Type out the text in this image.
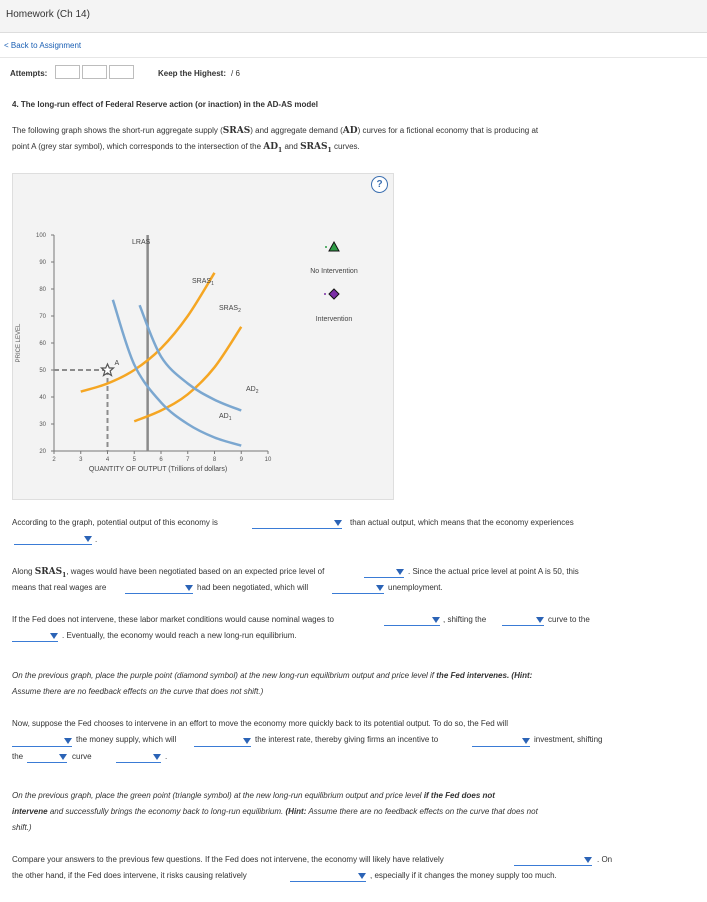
Homework (Ch 14)
< Back to Assignment
Attempts:	Keep the Highest: / 6
4. The long-run effect of Federal Reserve action (or inaction) in the AD-AS model
The following graph shows the short-run aggregate supply (SRAS) and aggregate demand (AD) curves for a fictional economy that is producing at
point A (grey star symbol), which corresponds to the intersection of the $AD_1$ and $SRAS_1$ curves.
?
PRICE LEVEL
QUANTITY OF OUTPUT (Trillions of dollars)
100
90
80
70
60
50
40
30
20
2	3	4	5	6	7	8	9	10
LRAS
$SRAS_1$
$SRAS_2$
$AD_2$
$AD_1$
A
No Intervention
Intervention
According to the graph, potential output of this economy is	than actual output, which means that the economy experiences
.
Along $SRAS_1$, wages would have been negotiated based on an expected price level of	. Since the actual price level at point A is 50, this
means that real wages are	had been negotiated, which will	unemployment.
If the Fed does not intervene, these labor market conditions would cause nominal wages to	, shifting the	curve to the
. Eventually, the economy would reach a new long-run equilibrium.
On the previous graph, place the purple point (diamond symbol) at the new long-run equilibrium output and price level if the Fed intervenes. (Hint:
Assume there are no feedback effects on the curve that does not shift.)
Now, suppose the Fed chooses to intervene in an effort to move the economy more quickly back to its potential output. To do so, the Fed will
the money supply, which will	the interest rate, thereby giving firms an incentive to	investment, shifting
the	curve	.
On the previous graph, place the green point (triangle symbol) at the new long-run equilibrium output and price level if the Fed does not
intervene and successfully brings the economy back to long-run equilibrium. (Hint: Assume there are no feedback effects on the curve that does not
shift.)
Compare your answers to the previous few questions. If the Fed does not intervene, the economy will likely have relatively	. On
the other hand, if the Fed does intervene, it risks causing relatively	, especially if it changes the money supply too much.
